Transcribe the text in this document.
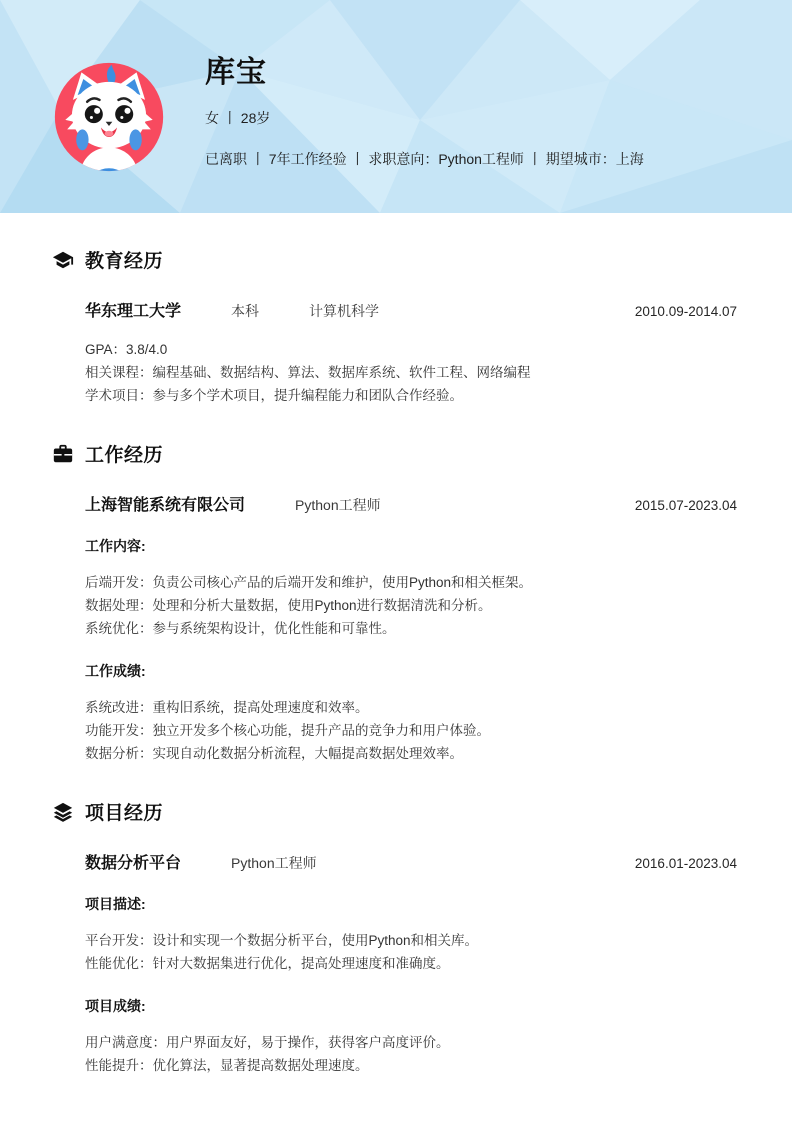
库宝
女 丨 28岁
已离职 丨 7年工作经验 丨 求职意向：Python工程师 丨 期望城市：上海
教育经历
华东理工大学	本科	计算机科学	2010.09-2014.07
GPA：3.8/4.0
相关课程：编程基础、数据结构、算法、数据库系统、软件工程、网络编程
学术项目：参与多个学术项目，提升编程能力和团队合作经验。
工作经历
上海智能系统有限公司	Python工程师	2015.07-2023.04
工作内容:
后端开发：负责公司核心产品的后端开发和维护，使用Python和相关框架。
数据处理：处理和分析大量数据，使用Python进行数据清洗和分析。
系统优化：参与系统架构设计，优化性能和可靠性。
工作成绩:
系统改进：重构旧系统，提高处理速度和效率。
功能开发：独立开发多个核心功能，提升产品的竞争力和用户体验。
数据分析：实现自动化数据分析流程，大幅提高数据处理效率。
项目经历
数据分析平台	Python工程师	2016.01-2023.04
项目描述:
平台开发：设计和实现一个数据分析平台，使用Python和相关库。
性能优化：针对大数据集进行优化，提高处理速度和准确度。
项目成绩:
用户满意度：用户界面友好，易于操作，获得客户高度评价。
性能提升：优化算法，显著提高数据处理速度。
